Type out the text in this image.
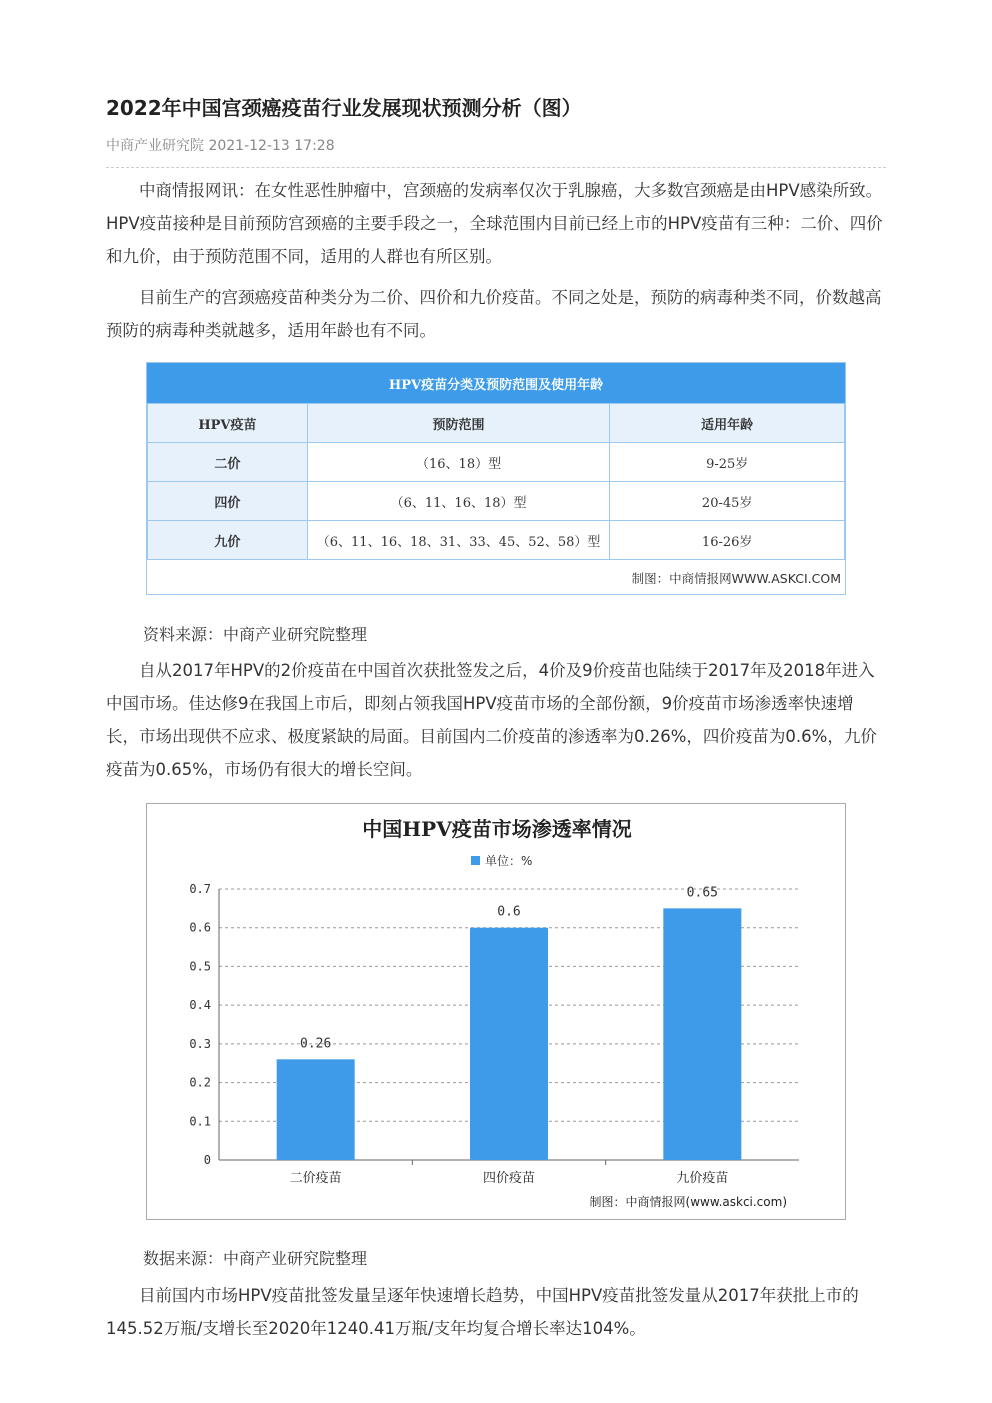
2022年中国宫颈癌疫苗行业发展现状预测分析（图）
中商产业研究院 2021-12-13 17:28

中商情报网讯：在女性恶性肿瘤中，宫颈癌的发病率仅次于乳腺癌，大多数宫颈癌是由HPV感染所致。HPV疫苗接种是目前预防宫颈癌的主要手段之一，全球范围内目前已经上市的HPV疫苗有三种：二价、四价和九价，由于预防范围不同，适用的人群也有所区别。

目前生产的宫颈癌疫苗种类分为二价、四价和九价疫苗。不同之处是，预防的病毒种类不同，价数越高预防的病毒种类就越多，适用年龄也有不同。

资料来源：中商产业研究院整理

自从2017年HPV的2价疫苗在中国首次获批签发之后，4价及9价疫苗也陆续于2017年及2018年进入中国市场。佳达修9在我国上市后，即刻占领我国HPV疫苗市场的全部份额，9价疫苗市场渗透率快速增长，市场出现供不应求、极度紧缺的局面。目前国内二价疫苗的渗透率为0.26%，四价疫苗为0.6%，九价疫苗为0.65%，市场仍有很大的增长空间。

数据来源：中商产业研究院整理

目前国内市场HPV疫苗批签发量呈逐年快速增长趋势，中国HPV疫苗批签发量从2017年获批上市的145.52万瓶/支增长至2020年1240.41万瓶/支年均复合增长率达104%。

HPV疫苗分类及预防范围及使用年龄
HPV疫苗	预防范围	适用年龄
二价	（16、18）型	9-25岁
四价	（6、11、16、18）型	20-45岁
九价	（6、11、16、18、31、33、45、52、58）型	16-26岁
制图：中商情报网WWW.ASKCI.COM
中国HPV疫苗市场渗透率情况
单位：%
0
0.1
0.2
0.3
0.4
0.5
0.6
0.7
0.26
二价疫苗
0.6
四价疫苗
0.65
九价疫苗
制图：中商情报网(www.askci.com)
